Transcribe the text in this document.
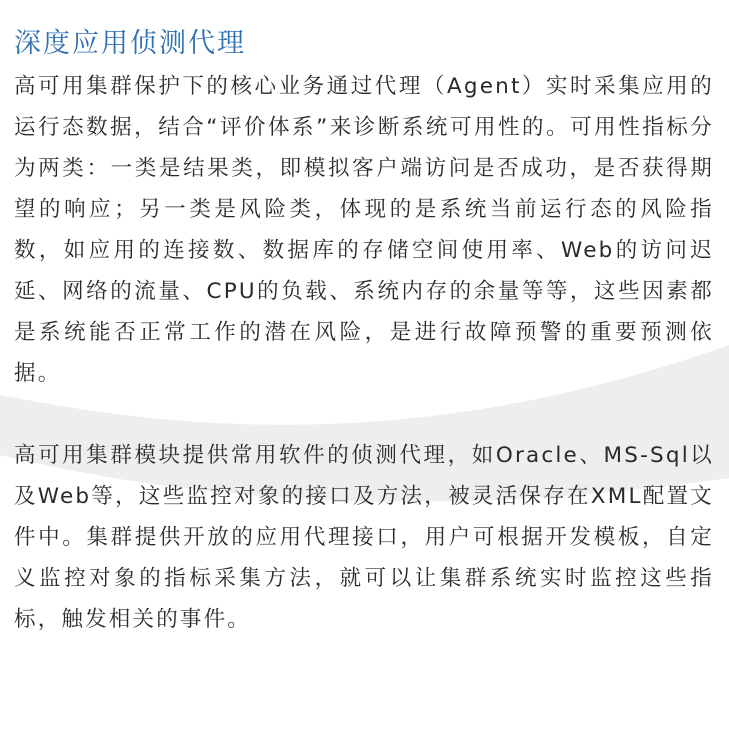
深度应用侦测代理

高可用集群保护下的核心业务通过代理（Agent）实时采集应用的运行态数据，结合“评价体系”来诊断系统可用性的。可用性指标分为两类：一类是结果类，即模拟客户端访问是否成功，是否获得期望的响应；另一类是风险类，体现的是系统当前运行态的风险指数，如应用的连接数、数据库的存储空间使用率、Web的访问迟延、网络的流量、CPU的负载、系统内存的余量等等，这些因素都是系统能否正常工作的潜在风险，是进行故障预警的重要预测依据。

高可用集群模块提供常用软件的侦测代理，如Oracle、MS-Sql以及Web等，这些监控对象的接口及方法，被灵活保存在XML配置文件中。集群提供开放的应用代理接口，用户可根据开发模板，自定义监控对象的指标采集方法，就可以让集群系统实时监控这些指标，触发相关的事件。
